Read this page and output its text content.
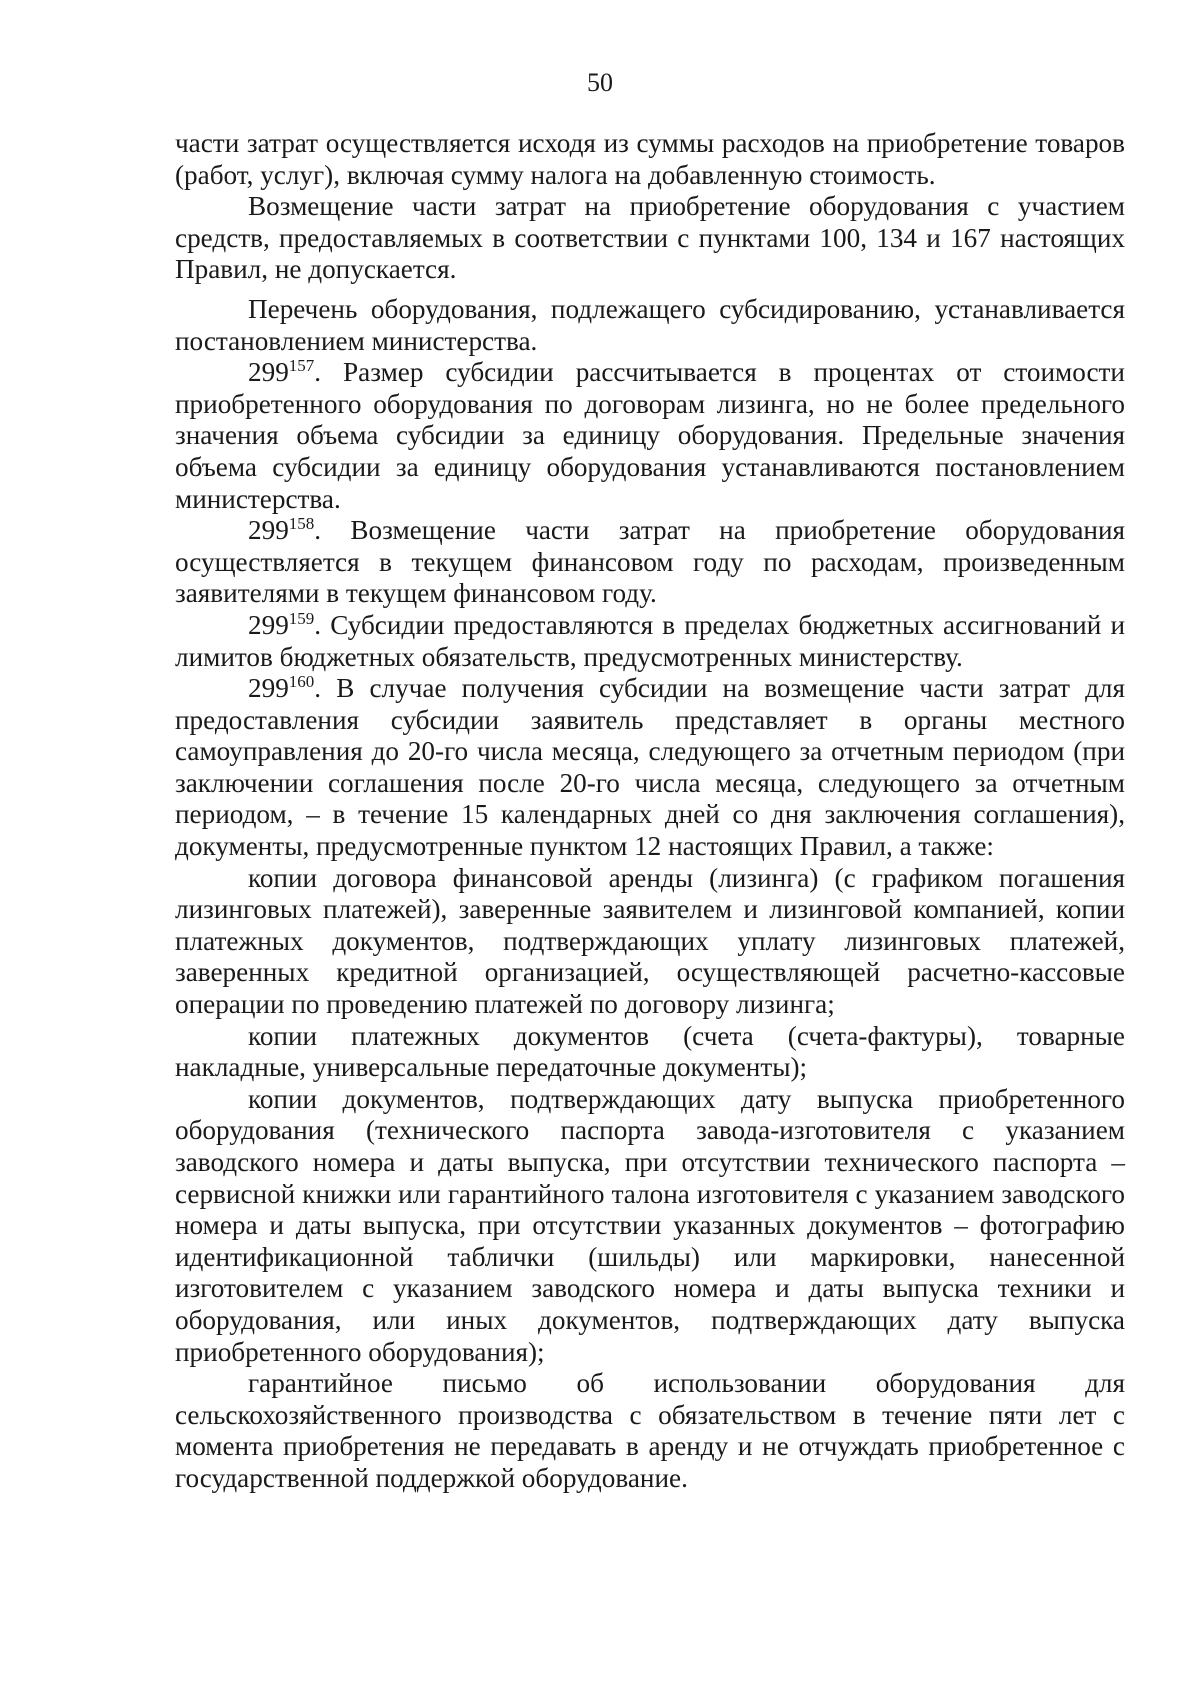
50

части затрат осуществляется исходя из суммы расходов на приобретение товаров (работ, услуг), включая сумму налога на добавленную стоимость.

Возмещение части затрат на приобретение оборудования с участием средств, предоставляемых в соответствии с пунктами 100, 134 и 167 настоящих Правил, не допускается.

Перечень оборудования, подлежащего субсидированию, устанавливается постановлением министерства.

$299^{157}$. Размер субсидии рассчитывается в процентах от стоимости приобретенного оборудования по договорам лизинга, но не более предельного значения объема субсидии за единицу оборудования. Предельные значения объема субсидии за единицу оборудования устанавливаются постановлением министерства.

$299^{158}$. Возмещение части затрат на приобретение оборудования осуществляется в текущем финансовом году по расходам, произведенным заявителями в текущем финансовом году.

$299^{159}$. Субсидии предоставляются в пределах бюджетных ассигнований и лимитов бюджетных обязательств, предусмотренных министерству.

$299^{160}$. В случае получения субсидии на возмещение части затрат для предоставления субсидии заявитель представляет в органы местного самоуправления до 20-го числа месяца, следующего за отчетным периодом (при заключении соглашения после 20-го числа месяца, следующего за отчетным периодом, – в течение 15 календарных дней со дня заключения соглашения), документы, предусмотренные пунктом 12 настоящих Правил, а также:

копии договора финансовой аренды (лизинга) (с графиком погашения лизинговых платежей), заверенные заявителем и лизинговой компанией, копии платежных документов, подтверждающих уплату лизинговых платежей, заверенных кредитной организацией, осуществляющей расчетно-кассовые операции по проведению платежей по договору лизинга;

копии платежных документов (счета (счета-фактуры), товарные накладные, универсальные передаточные документы);

копии документов, подтверждающих дату выпуска приобретенного оборудования (технического паспорта завода-изготовителя с указанием заводского номера и даты выпуска, при отсутствии технического паспорта – сервисной книжки или гарантийного талона изготовителя с указанием заводского номера и даты выпуска, при отсутствии указанных документов – фотографию идентификационной таблички (шильды) или маркировки, нанесенной изготовителем с указанием заводского номера и даты выпуска техники и оборудования, или иных документов, подтверждающих дату выпуска приобретенного оборудования);

гарантийное письмо об использовании оборудования для сельскохозяйственного производства с обязательством в течение пяти лет с момента приобретения не передавать в аренду и не отчуждать приобретенное с государственной поддержкой оборудование.
